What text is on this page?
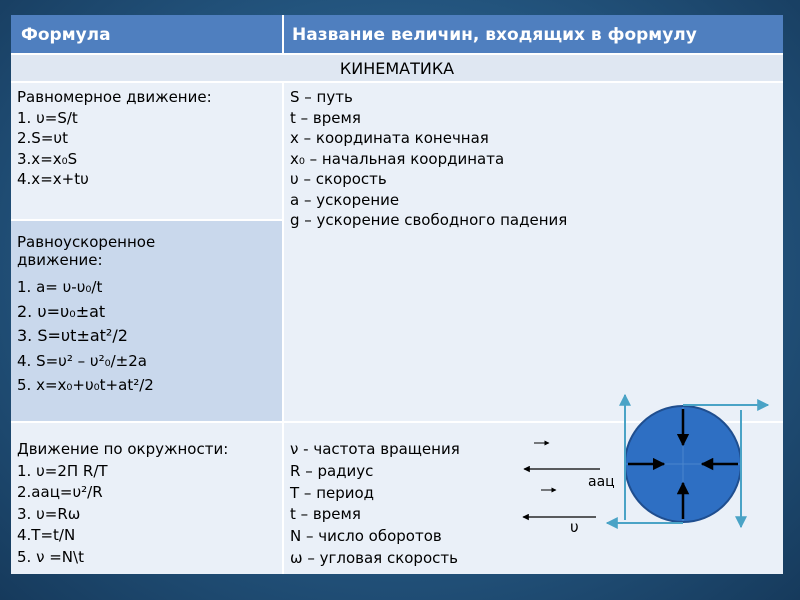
Формула	Название величин, входящих в формулу
КИНЕМАТИКА
Равномерное движение:
1. υ=S/t
2.S=υt
3.x=x₀S
4.x=x+tυ
S – путь
t – время
х – координата конечная
х₀ – начальная координата
υ – скорость
а – ускорение
g – ускорение свободного падения
Равноускоренное
движение:
1. a= υ-υ₀/t
2. υ=υ₀±at
3. S=υt±at²/2
4. S=υ² – υ²₀/±2a
5. x=x₀+υ₀t+at²/2
Движение по окружности:
1. υ=2П R/T
2.aац=υ²/R
3. υ=Rω
4.T=t/N
5. ν =N\t
ν - частота вращения
R – радиус
T – период
t – время
N – число оборотов
ω – угловая скорость
aац
υ
